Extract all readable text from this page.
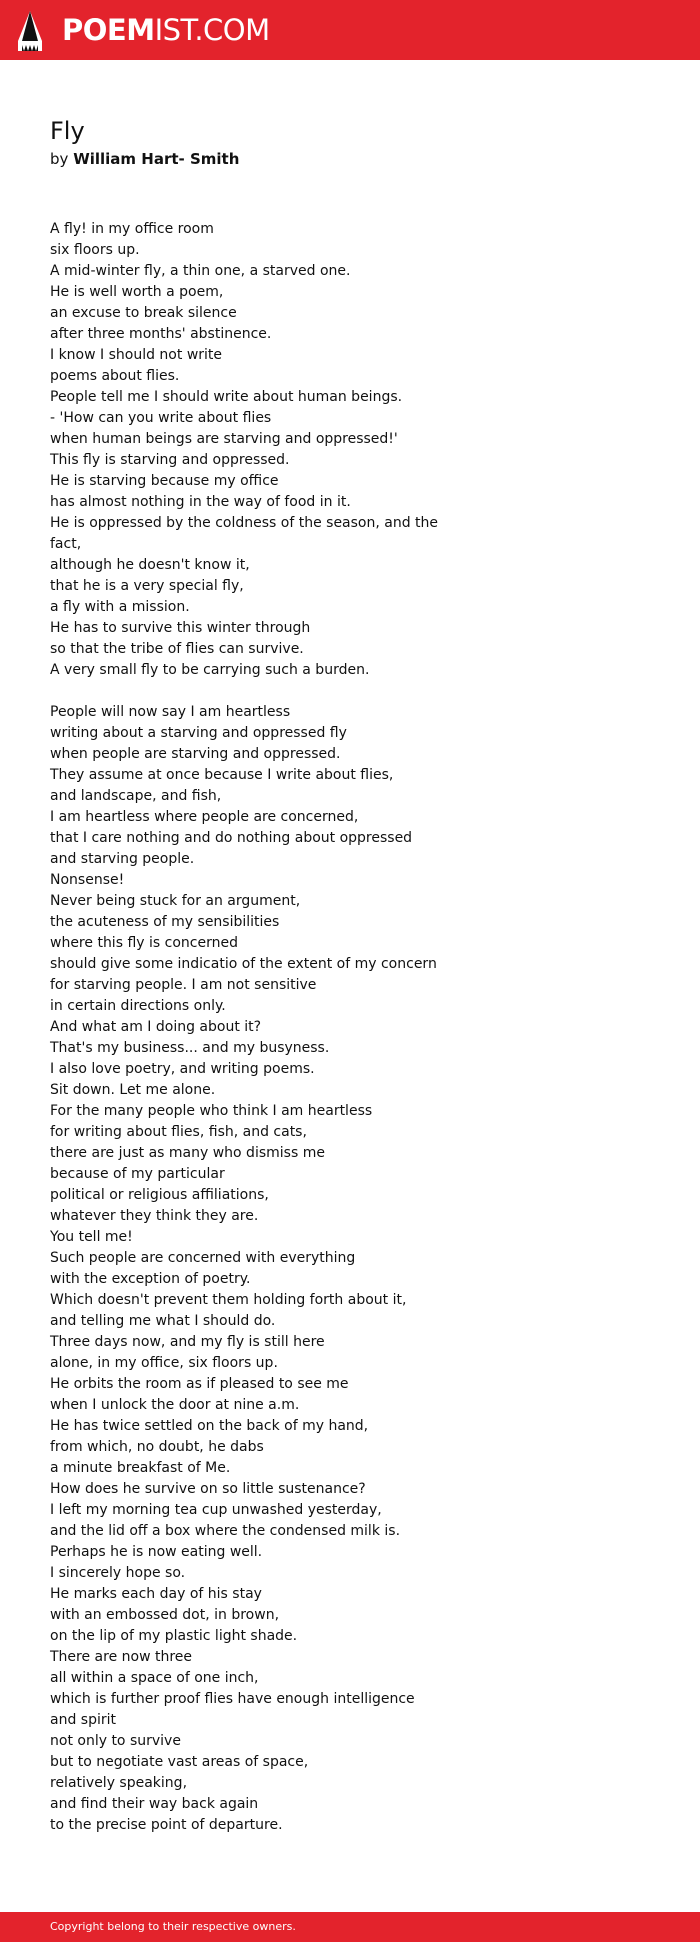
POEMIST.COM
Fly
by William Hart- Smith
A fly! in my office room
six floors up.
A mid-winter fly, a thin one, a starved one.
He is well worth a poem,
an excuse to break silence
after three months' abstinence.
I know I should not write
poems about flies.
People tell me I should write about human beings.
- 'How can you write about flies
when human beings are starving and oppressed!'
This fly is starving and oppressed.
He is starving because my office
has almost nothing in the way of food in it.
He is oppressed by the coldness of the season, and the
fact,
although he doesn't know it,
that he is a very special fly,
a fly with a mission.
He has to survive this winter through
so that the tribe of flies can survive.
A very small fly to be carrying such a burden.
People will now say I am heartless
writing about a starving and oppressed fly
when people are starving and oppressed.
They assume at once because I write about flies,
and landscape, and fish,
I am heartless where people are concerned,
that I care nothing and do nothing about oppressed
and starving people.
Nonsense!
Never being stuck for an argument,
the acuteness of my sensibilities
where this fly is concerned
should give some indicatio of the extent of my concern
for starving people. I am not sensitive
in certain directions only.
And what am I doing about it?
That's my business... and my busyness.
I also love poetry, and writing poems.
Sit down. Let me alone.
For the many people who think I am heartless
for writing about flies, fish, and cats,
there are just as many who dismiss me
because of my particular
political or religious affiliations,
whatever they think they are.
You tell me!
Such people are concerned with everything
with the exception of poetry.
Which doesn't prevent them holding forth about it,
and telling me what I should do.
Three days now, and my fly is still here
alone, in my office, six floors up.
He orbits the room as if pleased to see me
when I unlock the door at nine a.m.
He has twice settled on the back of my hand,
from which, no doubt, he dabs
a minute breakfast of Me.
How does he survive on so little sustenance?
I left my morning tea cup unwashed yesterday,
and the lid off a box where the condensed milk is.
Perhaps he is now eating well.
I sincerely hope so.
He marks each day of his stay
with an embossed dot, in brown,
on the lip of my plastic light shade.
There are now three
all within a space of one inch,
which is further proof flies have enough intelligence
and spirit
not only to survive
but to negotiate vast areas of space,
relatively speaking,
and find their way back again
to the precise point of departure.
Copyright belong to their respective owners.
